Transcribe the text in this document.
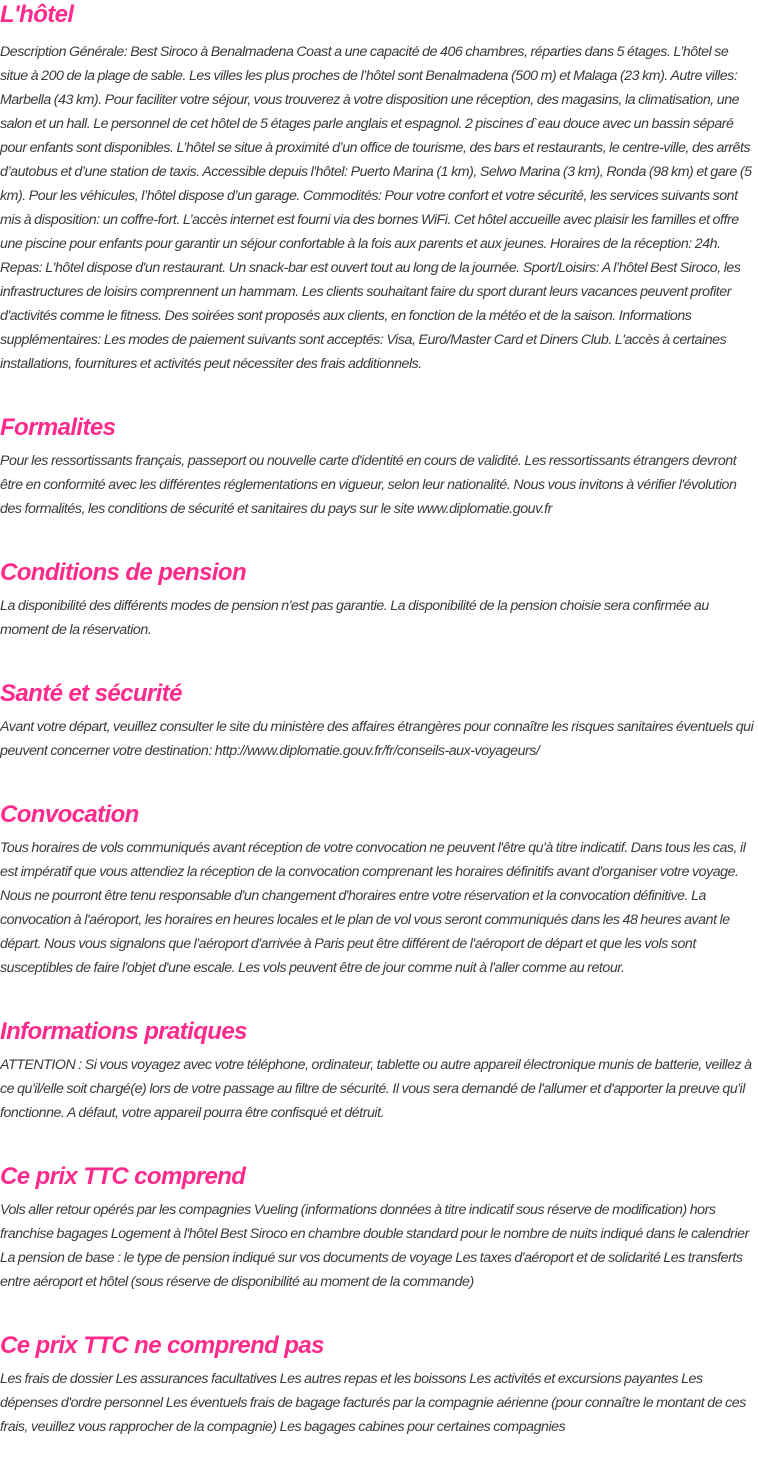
L'hôtel

Description Générale: Best Siroco à Benalmadena Coast a une capacité de 406 chambres, réparties dans 5 étages. L’hôtel se situe à 200 de la plage de sable. Les villes les plus proches de l’hôtel sont Benalmadena (500 m) et Malaga (23 km). Autre villes: Marbella (43 km). Pour faciliter votre séjour, vous trouverez à votre disposition une réception, des magasins, la climatisation, une salon et un hall. Le personnel de cet hôtel de 5 étages parle anglais et espagnol. 2 piscines d`eau douce avec un bassin séparé pour enfants sont disponibles. L’hôtel se situe à proximité d’un office de tourisme, des bars et restaurants, le centre-ville, des arrêts d’autobus et d’une station de taxis. Accessible depuis l'hôtel: Puerto Marina (1 km), Selwo Marina (3 km), Ronda (98 km) et gare (5 km). Pour les véhicules, l’hôtel dispose d’un garage. Commodités: Pour votre confort et votre sécurité, les services suivants sont mis à disposition: un coffre-fort. L’accès internet est fourni via des bornes WiFi. Cet hôtel accueille avec plaisir les familles et offre une piscine pour enfants pour garantir un séjour confortable à la fois aux parents et aux jeunes. Horaires de la réception: 24h. Repas: L'hôtel dispose d'un restaurant. Un snack-bar est ouvert tout au long de la journée. Sport/Loisirs: A l’hôtel Best Siroco, les infrastructures de loisirs comprennent un hammam. Les clients souhaitant faire du sport durant leurs vacances peuvent profiter d'activités comme le fitness. Des soirées sont proposés aux clients, en fonction de la météo et de la saison. Informations supplémentaires: Les modes de paiement suivants sont acceptés: Visa, Euro/Master Card et Diners Club. L'accès à certaines installations, fournitures et activités peut nécessiter des frais additionnels.

Formalites

Pour les ressortissants français, passeport ou nouvelle carte d'identité en cours de validité. Les ressortissants étrangers devront être en conformité avec les différentes réglementations en vigueur, selon leur nationalité. Nous vous invitons à vérifier l'évolution des formalités, les conditions de sécurité et sanitaires du pays sur le site www.diplomatie.gouv.fr

Conditions de pension

La disponibilité des différents modes de pension n'est pas garantie. La disponibilité de la pension choisie sera confirmée au moment de la réservation.

Santé et sécurité

Avant votre départ, veuillez consulter le site du ministère des affaires étrangères pour connaître les risques sanitaires éventuels qui peuvent concerner votre destination: http://www.diplomatie.gouv.fr/fr/conseils-aux-voyageurs/

Convocation

Tous horaires de vols communiqués avant réception de votre convocation ne peuvent l'être qu'à titre indicatif. Dans tous les cas, il est impératif que vous attendiez la réception de la convocation comprenant les horaires définitifs avant d'organiser votre voyage. Nous ne pourront être tenu responsable d'un changement d'horaires entre votre réservation et la convocation définitive. La convocation à l'aéroport, les horaires en heures locales et le plan de vol vous seront communiqués dans les 48 heures avant le départ. Nous vous signalons que l'aéroport d'arrivée à Paris peut être différent de l'aéroport de départ et que les vols sont susceptibles de faire l'objet d'une escale. Les vols peuvent être de jour comme nuit à l'aller comme au retour.

Informations pratiques

ATTENTION : Si vous voyagez avec votre téléphone, ordinateur, tablette ou autre appareil électronique munis de batterie, veillez à ce qu'il/elle soit chargé(e) lors de votre passage au filtre de sécurité. Il vous sera demandé de l'allumer et d'apporter la preuve qu'il fonctionne. A défaut, votre appareil pourra être confisqué et détruit.

Ce prix TTC comprend

Vols aller retour opérés par les compagnies Vueling (informations données à titre indicatif sous réserve de modification) hors franchise bagages Logement à l'hôtel Best Siroco en chambre double standard pour le nombre de nuits indiqué dans le calendrier La pension de base : le type de pension indiqué sur vos documents de voyage Les taxes d'aéroport et de solidarité Les transferts entre aéroport et hôtel (sous réserve de disponibilité au moment de la commande)

Ce prix TTC ne comprend pas

Les frais de dossier Les assurances facultatives Les autres repas et les boissons Les activités et excursions payantes Les dépenses d'ordre personnel Les éventuels frais de bagage facturés par la compagnie aérienne (pour connaître le montant de ces frais, veuillez vous rapprocher de la compagnie) Les bagages cabines pour certaines compagnies
